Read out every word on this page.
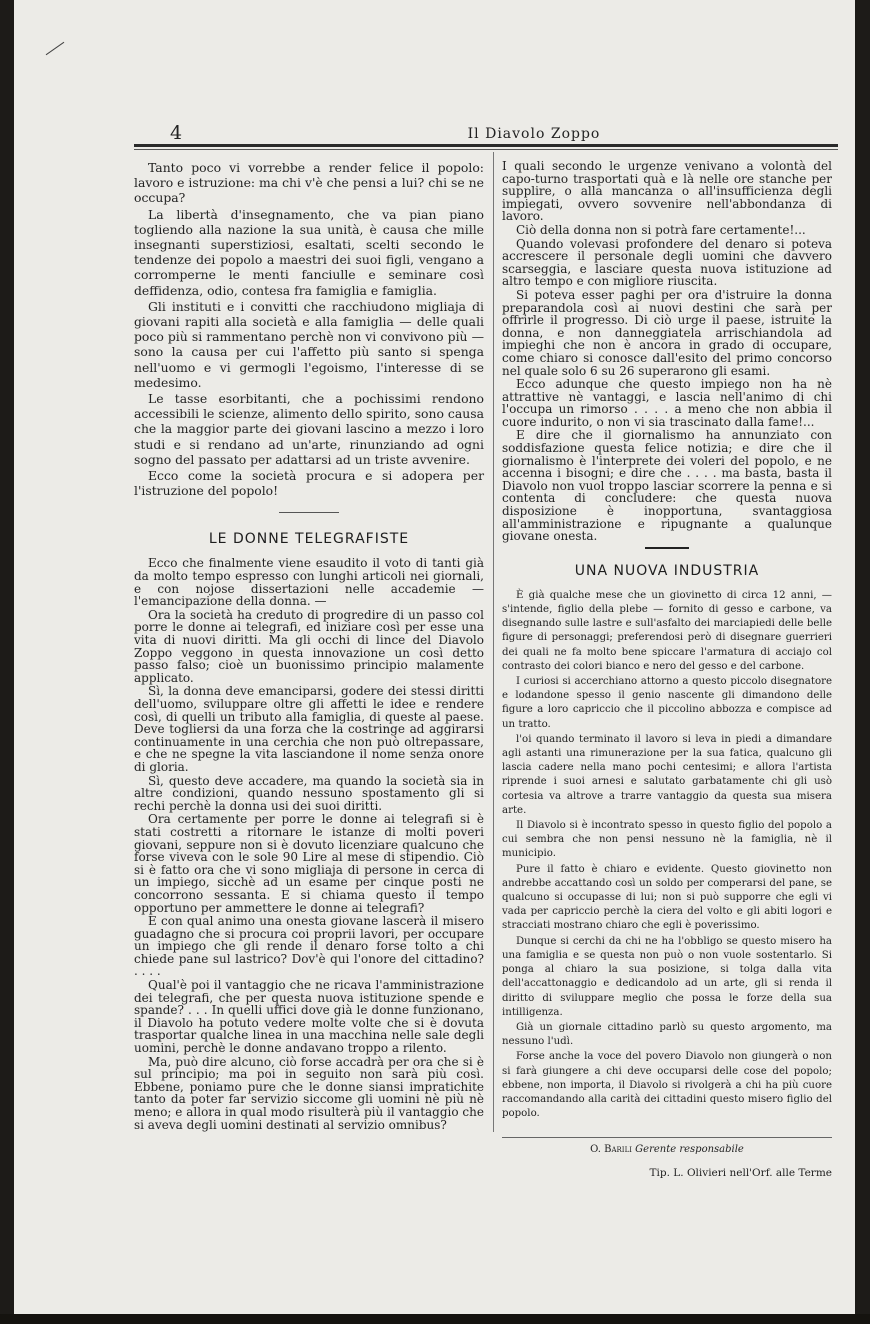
4	Il Diavolo Zoppo

Tanto poco vi vorrebbe a render felice il popolo: lavoro e istruzione: ma chi v'è che pensi a lui? chi se ne occupa?

La libertà d'insegnamento, che va pian piano togliendo alla nazione la sua unità, è causa che mille insegnanti superstiziosi, esaltati, scelti secondo le tendenze dei popolo a maestri dei suoi figli, vengano a corromperne le menti fanciulle e seminare così deffidenza, odio, contesa fra famiglia e famiglia.

Gli instituti e i convitti che racchiudono migliaja di giovani rapiti alla società e alla famiglia — delle quali poco più si rammentano perchè non vi convivono più — sono la causa per cui l'affetto più santo si spenga nell'uomo e vi germogli l'egoismo, l'interesse di se medesimo.

Le tasse esorbitanti, che a pochissimi rendono accessibili le scienze, alimento dello spirito, sono causa che la maggior parte dei giovani lascino a mezzo i loro studi e si rendano ad un'arte, rinunziando ad ogni sogno del passato per adattarsi ad un triste avvenire.

Ecco come la società procura e si adopera per l'istruzione del popolo!

LE DONNE TELEGRAFISTE

Ecco che finalmente viene esaudito il voto di tanti già da molto tempo espresso con lunghi articoli nei giornali, e con nojose dissertazioni nelle accademie — l'emancipazione della donna. —

Ora la società ha creduto di progredire di un passo col porre le donne ai telegrafi, ed iniziare così per esse una vita di nuovi diritti. Ma gli occhi di lince del Diavolo Zoppo veggono in questa innovazione un così detto passo falso; cioè un buonissimo principio malamente applicato.

Sì, la donna deve emanciparsi, godere dei stessi diritti dell'uomo, sviluppare oltre gli affetti le idee e rendere così, di quelli un tributo alla famiglia, di queste al paese. Deve togliersi da una forza che la costringe ad aggirarsi continuamente in una cerchia che non può oltrepassare, e che ne spegne la vita lasciandone il nome senza onore di gloria.

Sì, questo deve accadere, ma quando la società sia in altre condizioni, quando nessuno spostamento gli si rechi perchè la donna usi dei suoi diritti.

Ora certamente per porre le donne ai telegrafi si è stati costretti a ritornare le istanze di molti poveri giovani, seppure non si è dovuto licenziare qualcuno che forse viveva con le sole 90 Lire al mese di stipendio. Ciò si è fatto ora che vi sono migliaja di persone in cerca di un impiego, sicchè ad un esame per cinque posti ne concorrono sessanta. E si chiama questo il tempo opportuno per ammettere le donne ai telegrafi?

E con qual animo una onesta giovane lascerà il misero guadagno che si procura coi proprii lavori, per occupare un impiego che gli rende il denaro forse tolto a chi chiede pane sul lastrico? Dov'è qui l'onore del cittadino? . . . .

Qual'è poi il vantaggio che ne ricava l'amministrazione dei telegrafi, che per questa nuova istituzione spende e spande? . . . In quelli uffici dove già le donne funzionano, il Diavolo ha potuto vedere molte volte che si è dovuta trasportar qualche linea in una macchina nelle sale degli uomini, perchè le donne andavano troppo a rilento.

Ma, può dire alcuno, ciò forse accadrà per ora che si è sul principio; ma poi in seguito non sarà più così. Ebbene, poniamo pure che le donne siansi impratichite tanto da poter far servizio siccome gli uomini nè più nè meno; e allora in qual modo risulterà più il vantaggio che si aveva degli uomini destinati al servizio omnibus?

I quali secondo le urgenze venivano a volontà del capo-turno trasportati quà e là nelle ore stanche per supplire, o alla mancanza o all'insufficienza degli impiegati, ovvero sovvenire nell'abbondanza di lavoro.

Ciò della donna non si potrà fare certamente!...

Quando volevasi profondere del denaro si poteva accrescere il personale degli uomini che davvero scarseggia, e lasciare questa nuova istituzione ad altro tempo e con migliore riuscita.

Si poteva esser paghi per ora d'istruire la donna preparandola così ai nuovi destini che sarà per offrirle il progresso. Di ciò urge il paese, istruite la donna, e non danneggiatela arrischiandola ad impieghi che non è ancora in grado di occupare, come chiaro si conosce dall'esito del primo concorso nel quale solo 6 su 26 superarono gli esami.

Ecco adunque che questo impiego non ha nè attrattive nè vantaggi, e lascia nell'animo di chi l'occupa un rimorso . . . . a meno che non abbia il cuore indurito, o non vi sia trascinato dalla fame!...

E dire che il giornalismo ha annunziato con soddisfazione questa felice notizia; e dire che il giornalismo è l'interprete dei voleri del popolo, e ne accenna i bisogni; e dire che . . . . ma basta, basta il Diavolo non vuol troppo lasciar scorrere la penna e si contenta di concludere: che questa nuova disposizione è inopportuna, svantaggiosa all'amministrazione e ripugnante a qualunque giovane onesta.

UNA NUOVA INDUSTRIA

È già qualche mese che un giovinetto di circa 12 anni, — s'intende, figlio della plebe — fornito di gesso e carbone, va disegnando sulle lastre e sull'asfalto dei marciapiedi delle belle figure di personaggi; preferendosi però di disegnare guerrieri dei quali ne fa molto bene spiccare l'armatura di acciajo col contrasto dei colori bianco e nero del gesso e del carbone.

I curiosi si accerchiano attorno a questo piccolo disegnatore e lodandone spesso il genio nascente gli dimandono delle figure a loro capriccio che il piccolino abbozza e compisce ad un tratto.

l'oi quando terminato il lavoro si leva in piedi a dimandare agli astanti una rimunerazione per la sua fatica, qualcuno gli lascia cadere nella mano pochi centesimi; e allora l'artista riprende i suoi arnesi e salutato garbatamente chi gli usò cortesia va altrove a trarre vantaggio da questa sua misera arte.

Il Diavolo si è incontrato spesso in questo figlio del popolo a cui sembra che non pensi nessuno nè la famiglia, nè il municipio.

Pure il fatto è chiaro e evidente. Questo giovinetto non andrebbe accattando così un soldo per comperarsi del pane, se qualcuno si occupasse di lui; non si può supporre che egli vi vada per capriccio perchè la ciera del volto e gli abiti logori e stracciati mostrano chiaro che egli è poverissimo.

Dunque si cerchi da chi ne ha l'obbligo se questo misero ha una famiglia e se questa non può o non vuole sostentarlo. Si ponga al chiaro la sua posizione, si tolga dalla vita dell'accattonaggio e dedicandolo ad un arte, gli si renda il diritto di sviluppare meglio che possa le forze della sua intilligenza.

Già un giornale cittadino parlò su questo argomento, ma nessuno l'udì.

Forse anche la voce del povero Diavolo non giungerà o non si farà giungere a chi deve occuparsi delle cose del popolo; ebbene, non importa, il Diavolo si rivolgerà a chi ha più cuore raccomandando alla carità dei cittadini questo misero figlio del popolo.

O. Barili Gerente responsabile
Tip. L. Olivieri nell'Orf. alle Terme
